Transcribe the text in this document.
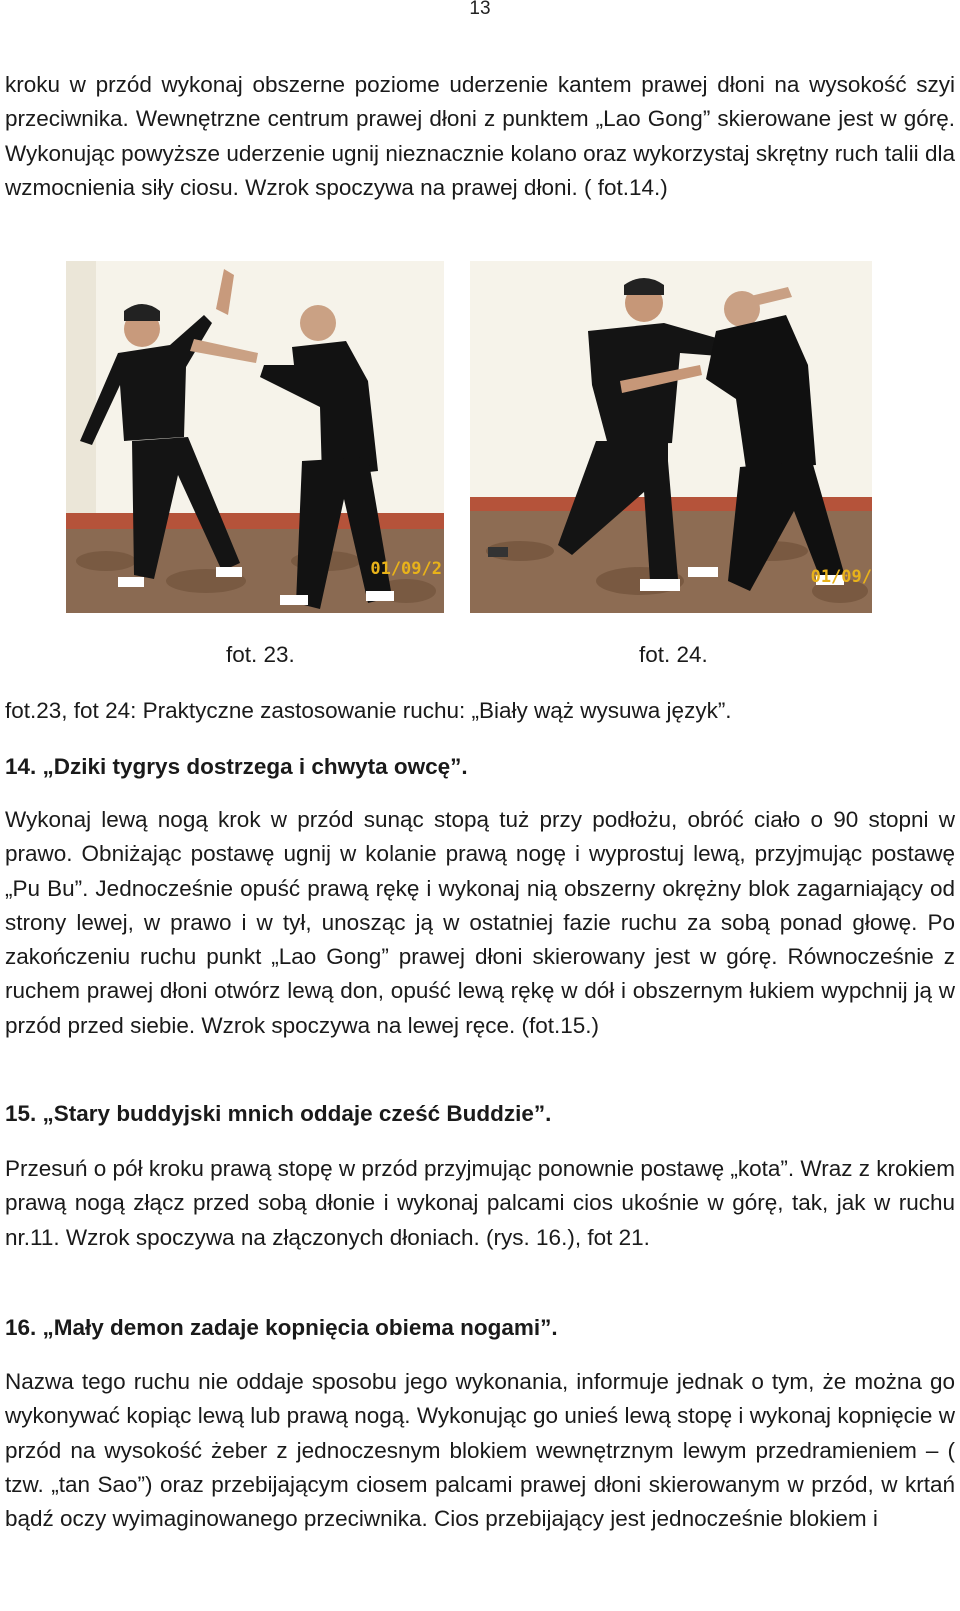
13

kroku w przód wykonaj obszerne poziome uderzenie kantem prawej dłoni na wysokość szyi przeciwnika. Wewnętrzne centrum prawej dłoni z punktem „Lao Gong” skierowane jest w górę. Wykonując powyższe uderzenie ugnij nieznacznie kolano oraz wykorzystaj skrętny ruch talii dla wzmocnienia siły ciosu. Wzrok spoczywa na prawej dłoni. ( fot.14.)

01/09/2	01/09/
fot. 23.	fot. 24.

fot.23, fot 24: Praktyczne zastosowanie ruchu: „Biały wąż wysuwa język”.

14. „Dziki tygrys dostrzega i chwyta owcę”.

Wykonaj lewą nogą krok w przód sunąc stopą tuż przy podłożu, obróć ciało o 90 stopni w prawo. Obniżając postawę ugnij w kolanie prawą nogę i wyprostuj lewą, przyjmując postawę „Pu Bu”. Jednocześnie opuść prawą rękę i wykonaj nią obszerny okrężny blok zagarniający od strony lewej, w prawo i w tył, unosząc ją w ostatniej fazie ruchu za sobą ponad głowę. Po zakończeniu ruchu punkt „Lao Gong” prawej dłoni skierowany jest w górę. Równocześnie z ruchem prawej dłoni otwórz lewą don, opuść lewą rękę w dół i obszernym łukiem wypchnij ją w przód przed siebie. Wzrok spoczywa na lewej ręce. (fot.15.)

15. „Stary buddyjski mnich oddaje cześć Buddzie”.

Przesuń o pół kroku prawą stopę w przód przyjmując ponownie postawę „kota”. Wraz z krokiem prawą nogą złącz przed sobą dłonie i wykonaj palcami cios ukośnie w górę, tak, jak w ruchu nr.11. Wzrok spoczywa na złączonych dłoniach. (rys. 16.), fot 21.

16. „Mały demon zadaje kopnięcia obiema nogami”.

Nazwa tego ruchu nie oddaje sposobu jego wykonania, informuje jednak o tym, że można go wykonywać kopiąc lewą lub prawą nogą. Wykonując go unieś lewą stopę i wykonaj kopnięcie w przód na wysokość żeber z jednoczesnym blokiem wewnętrznym lewym przedramieniem – ( tzw. „tan Sao”) oraz przebijającym ciosem palcami prawej dłoni skierowanym w przód, w krtań bądź oczy wyimaginowanego przeciwnika. Cios przebijający jest jednocześnie blokiem i
